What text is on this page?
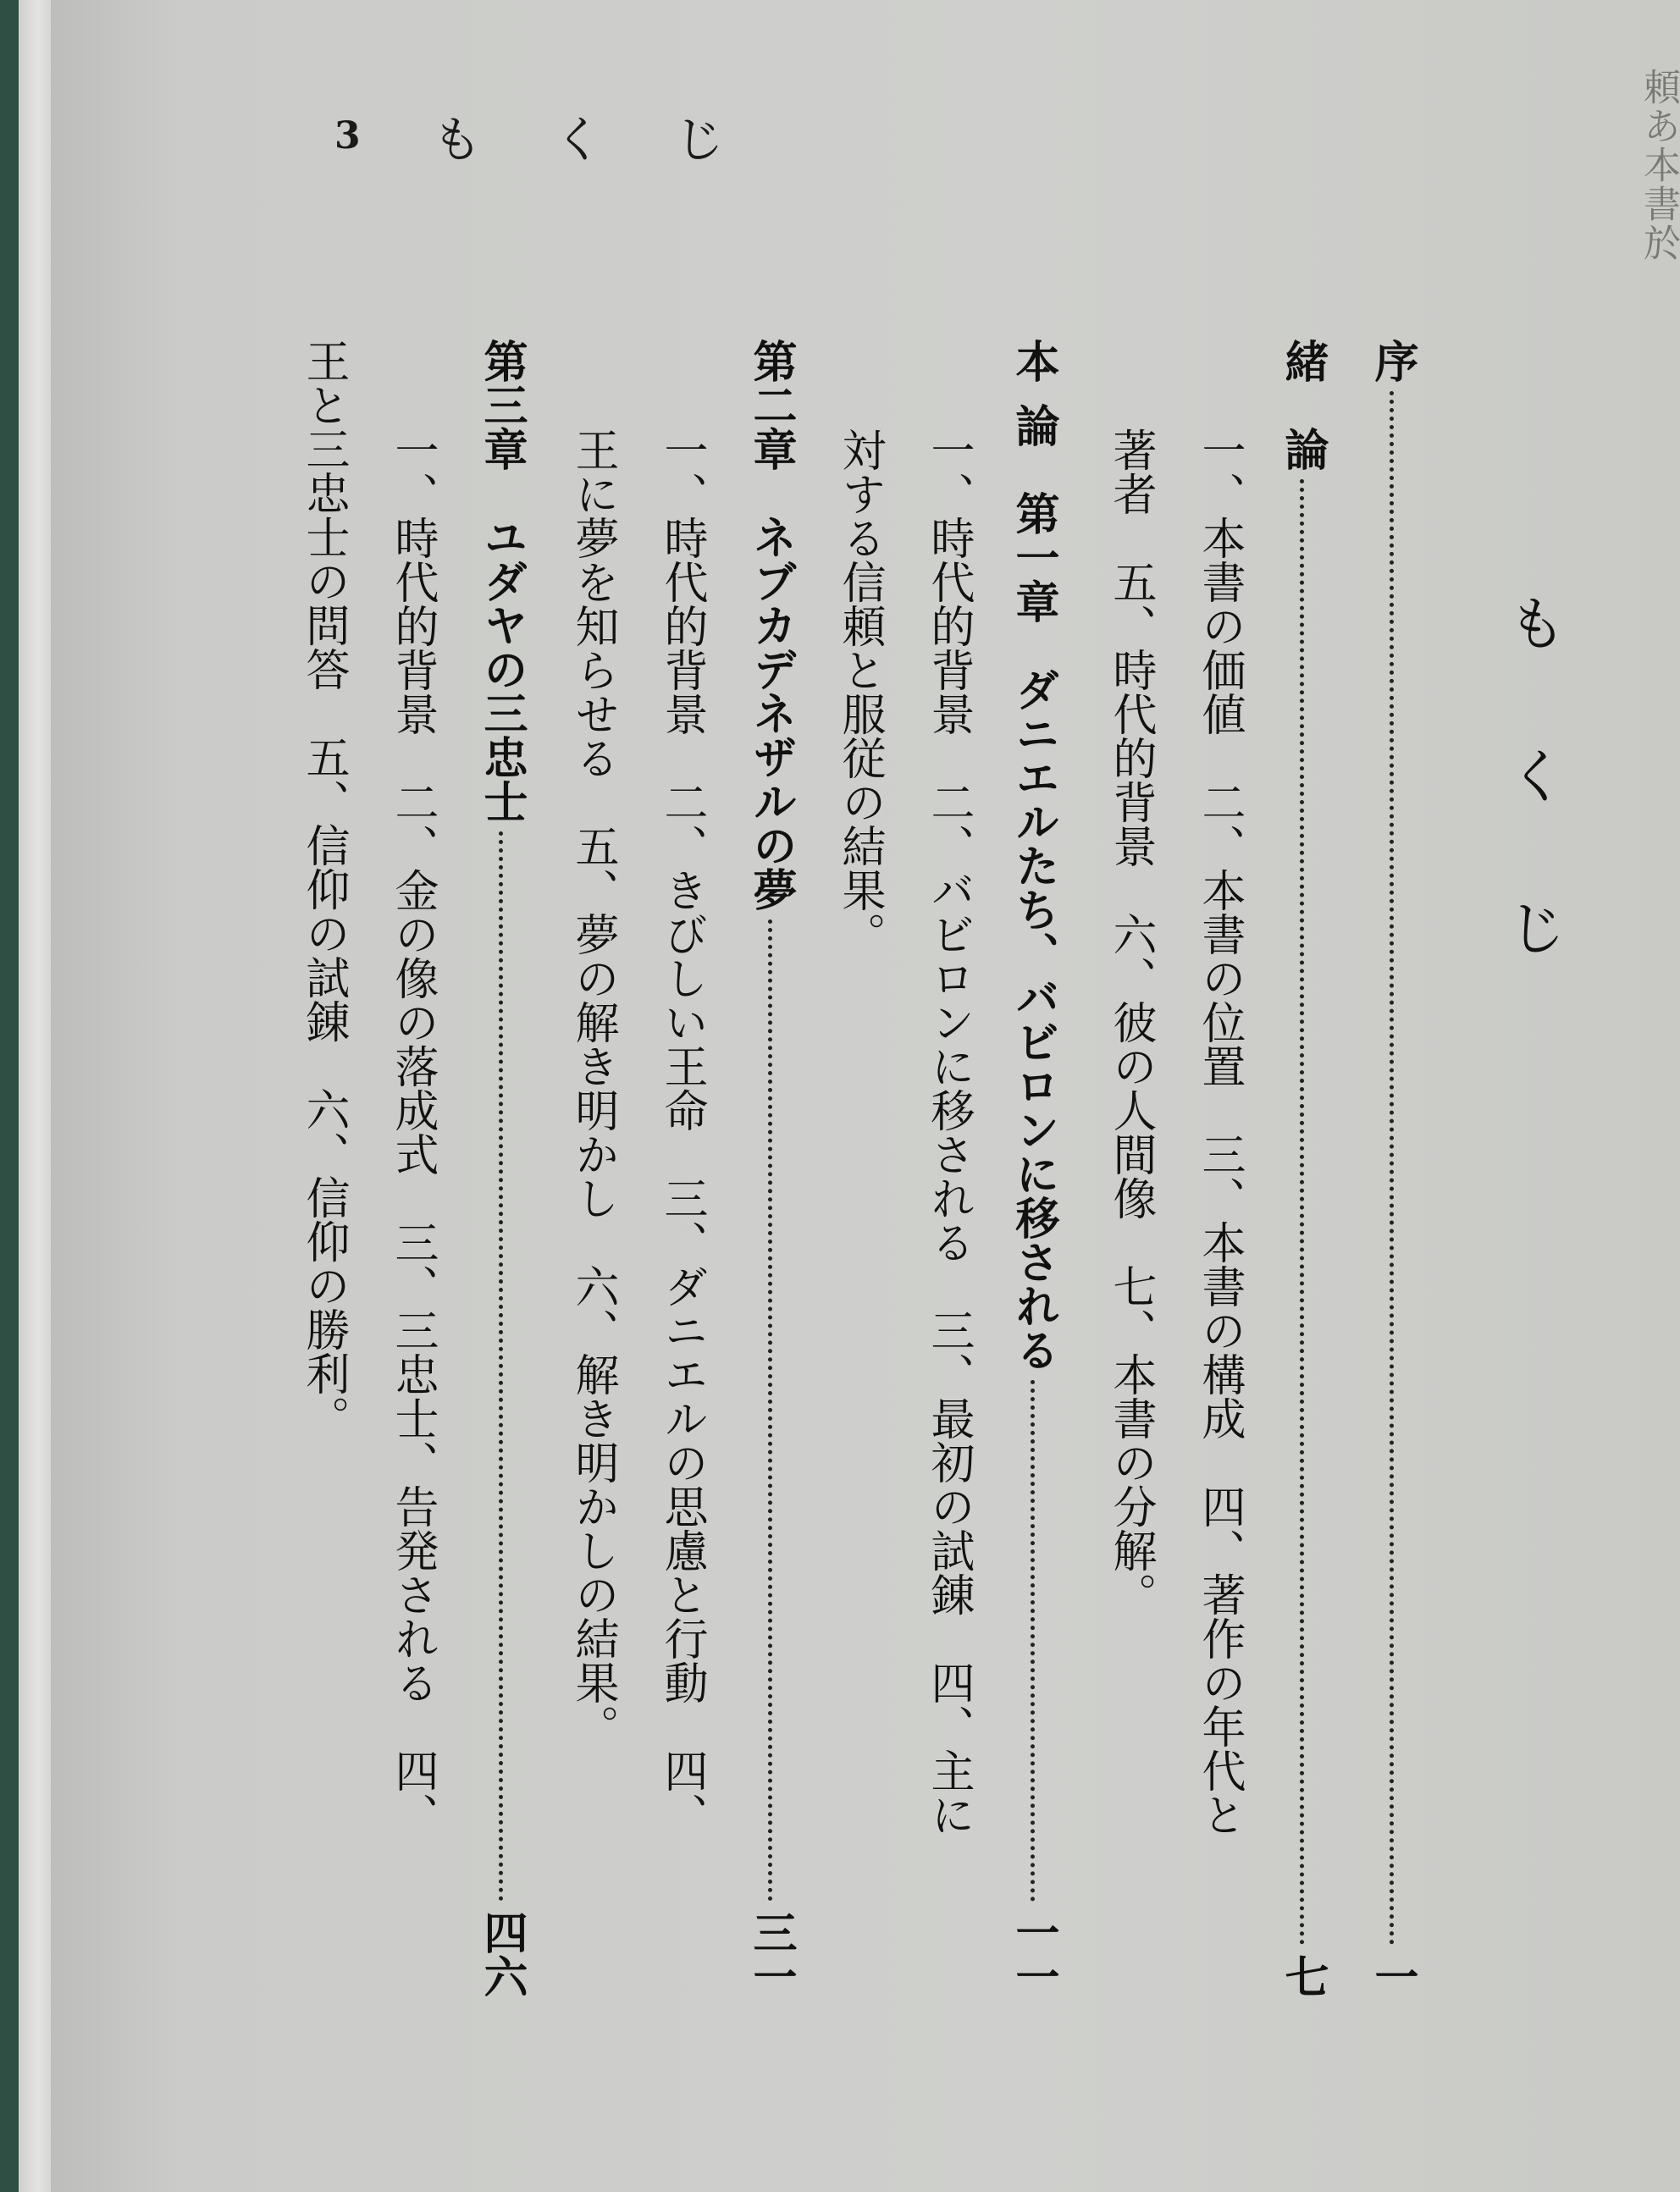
頼あ本書於
3 も く じ
もくじ
序
一
緒　論
七
一、本書の価値　二、本書の位置　三、本書の構成　四、著作の年代と
著者　五、時代的背景　六、彼の人間像　七、本書の分解。
本
論　第一章　ダニエルたち、バビロンに移される
一一
一、時代的背景　二、バビロンに移される　三、最初の試錬　四、主に
対する信頼と服従の結果。
第二章　ネブカデネザルの夢
三一
一、時代的背景　二、きびしい王命　三、ダニエルの思慮と行動　四、
王に夢を知らせる　五、夢の解き明かし　六、解き明かしの結果。
第三章　ユダヤの三忠士
四六
一、時代的背景　二、金の像の落成式　三、三忠士、告発される　四、
王と三忠士の問答　五、信仰の試錬　六、信仰の勝利。
